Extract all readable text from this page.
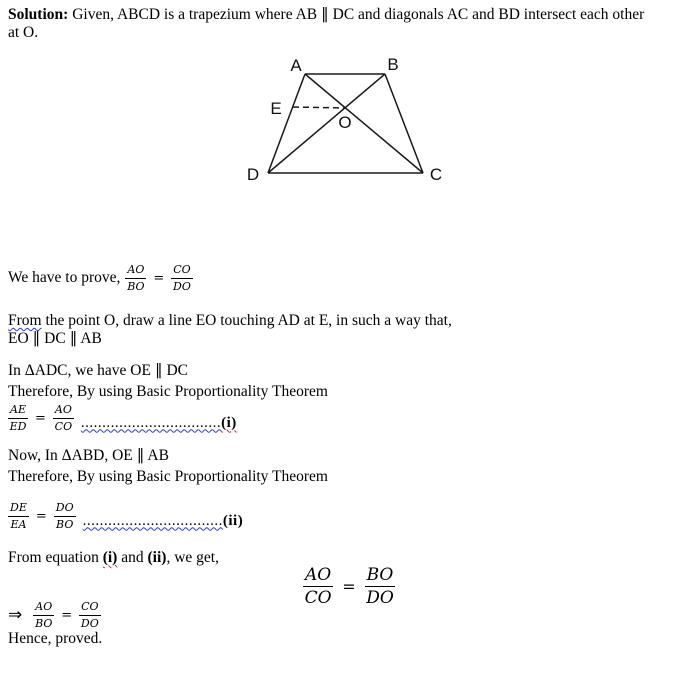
Solution: Given, ABCD is a trapezium where AB ∥ DC and diagonals AC and BD intersect each other
at O.
A	B
E
O
D	C
We have to prove, $\frac{AO}{BO} = \frac{CO}{DO}$
From the point O, draw a line EO touching AD at E, in such a way that,
EO ∥ DC ∥ AB
In ΔADC, we have OE ∥ DC
Therefore, By using Basic Proportionality Theorem
$\frac{AE}{ED} = \frac{AO}{CO} .................................(i)$
Now, In ΔABD, OE ∥ AB
Therefore, By using Basic Proportionality Theorem
$\frac{DE}{EA} = \frac{DO}{BO} .................................(ii)$
From equation (i) and (ii), we get,
$\frac{AO}{CO} = \frac{BO}{DO}$
⇒ $\frac{AO}{BO} = \frac{CO}{DO}$
Hence, proved.
